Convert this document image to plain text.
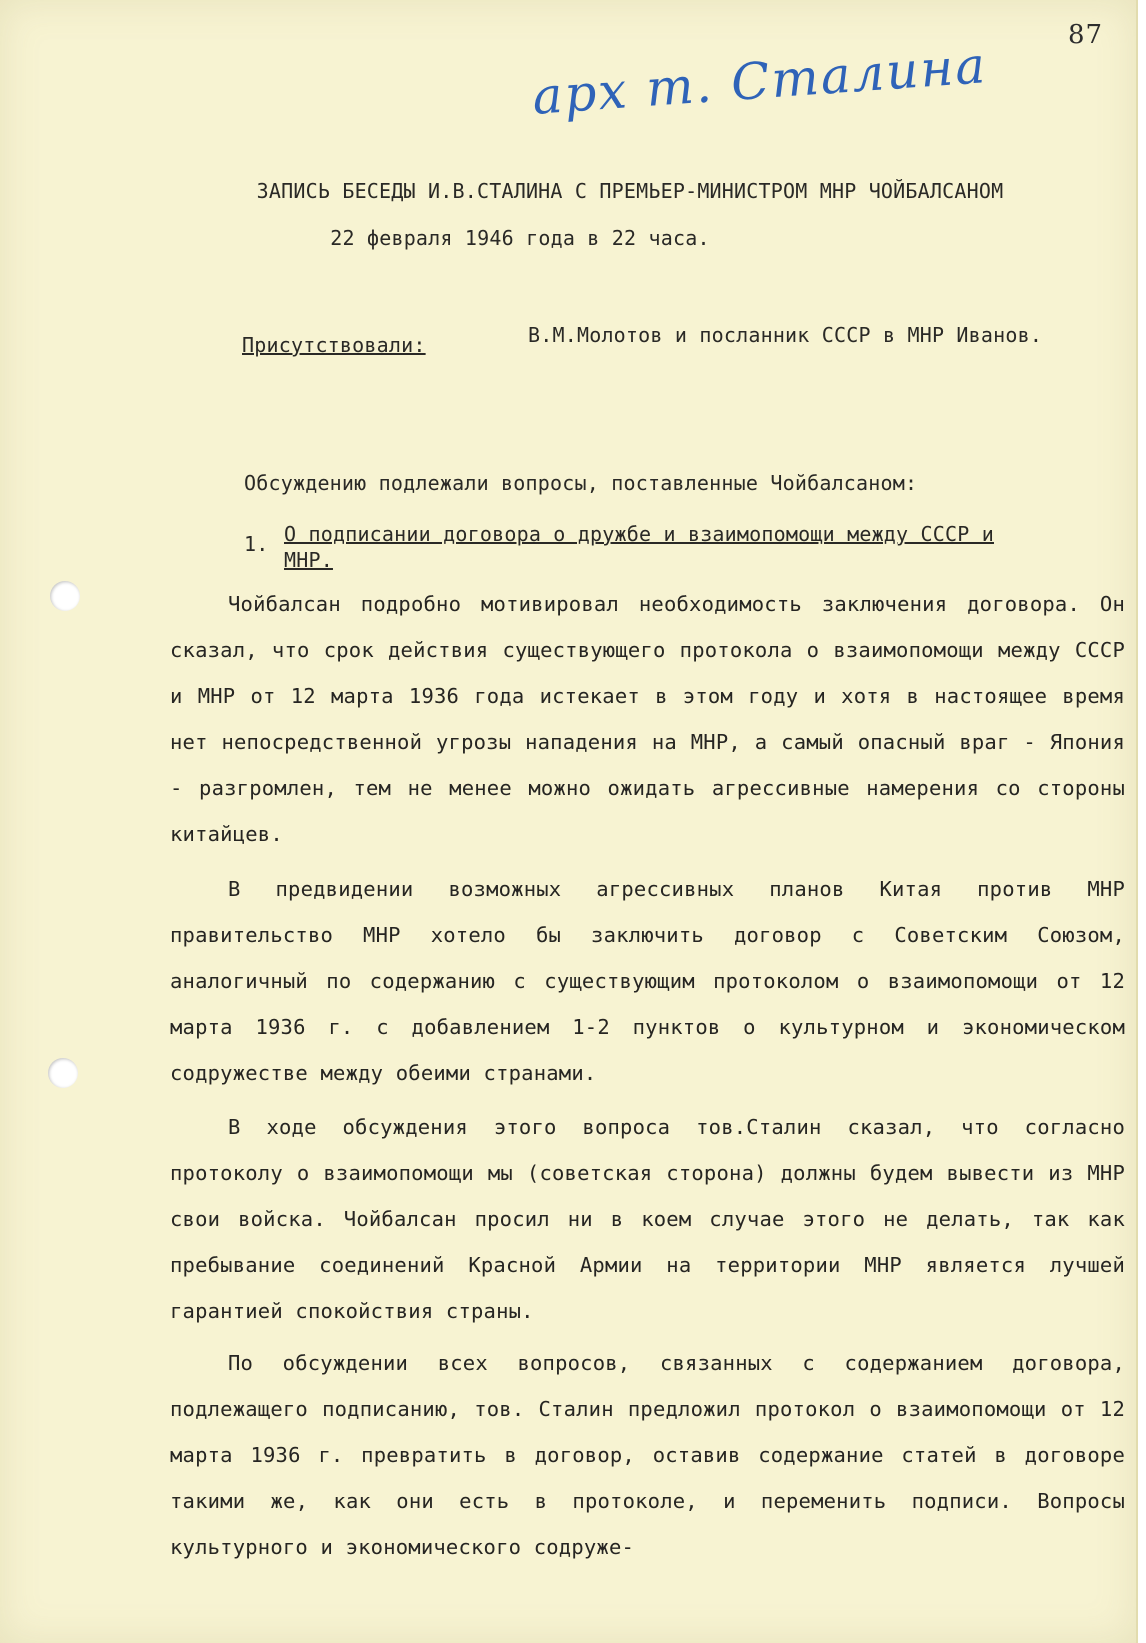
87
арх т. Сталина
ЗАПИСЬ БЕСЕДЫ И.В.СТАЛИНА С ПРЕМЬЕР-МИНИСТРОМ МНР ЧОЙБАЛСАНОМ
22 февраля 1946 года в 22 часа.
Присутствовали:	В.М.Молотов и посланник СССР в МНР Иванов.
Обсуждению подлежали вопросы, поставленные Чойбалсаном:
1. О подписании договора о дружбе и взаимопомощи между СССР и МНР.

Чойбалсан подробно мотивировал необходимость заключения договора. Он сказал, что срок действия существующего протокола о взаимопомощи между СССР и МНР от 12 марта 1936 года истекает в этом году и хотя в настоящее время нет непосредственной угрозы нападения на МНР, а самый опасный враг - Япония - разгромлен, тем не менее можно ожидать агрессивные намерения со стороны китайцев.

В предвидении возможных агрессивных планов Китая против МНР правительство МНР хотело бы заключить договор с Советским Союзом, аналогичный по содержанию с существующим протоколом о взаимопомощи от 12 марта 1936 г. с добавлением 1-2 пунктов о культурном и экономическом содружестве между обеими странами.

В ходе обсуждения этого вопроса тов.Сталин сказал, что согласно протоколу о взаимопомощи мы (советская сторона) должны будем вывести из МНР свои войска. Чойбалсан просил ни в коем случае этого не делать, так как пребывание соединений Красной Армии на территории МНР является лучшей гарантией спокойствия страны.

По обсуждении всех вопросов, связанных с содержанием договора, подлежащего подписанию, тов. Сталин предложил протокол о взаимопомощи от 12 марта 1936 г. превратить в договор, оставив содержание статей в договоре такими же, как они есть в протоколе, и переменить подписи. Вопросы культурного и экономического содруже-
